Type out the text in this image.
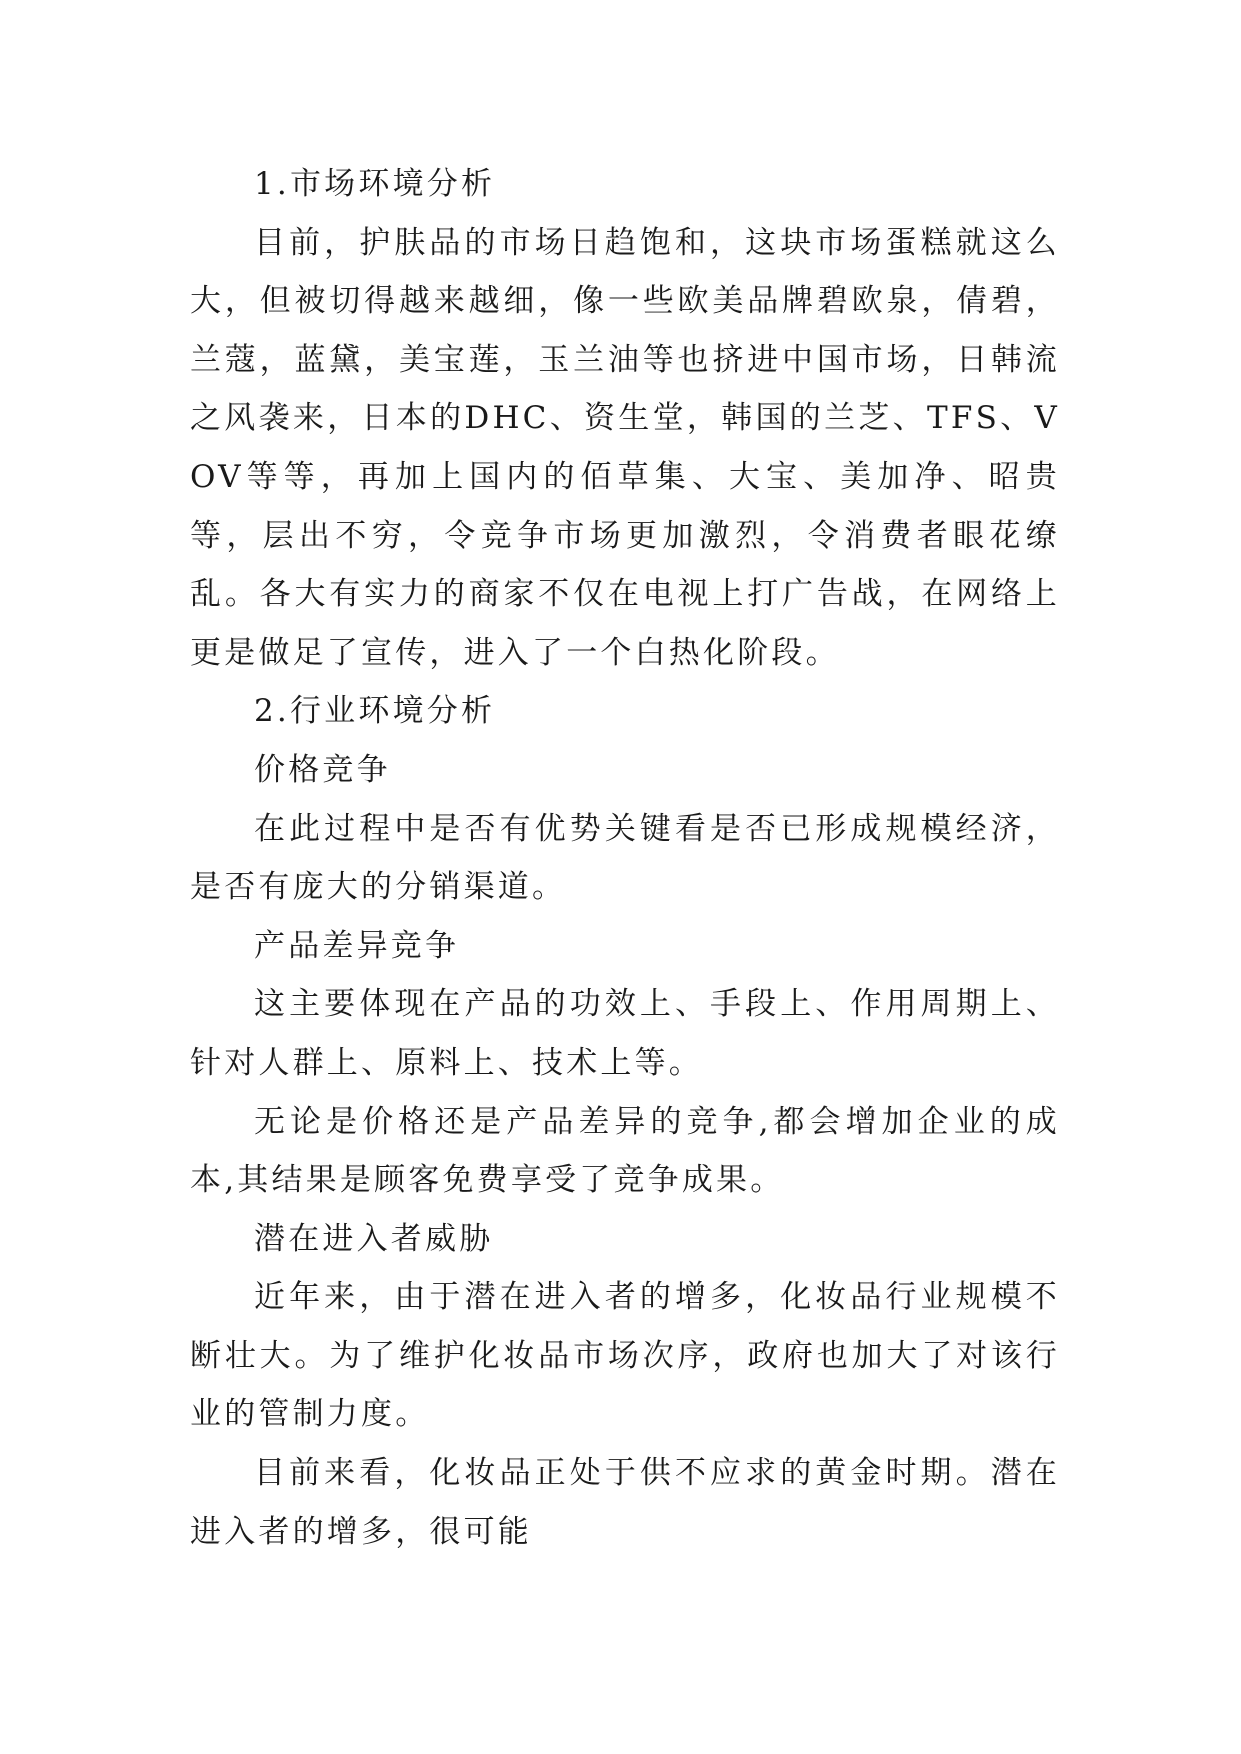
1.市场环境分析

目前，护肤品的市场日趋饱和，这块市场蛋糕就这么大，但被切得越来越细，像一些欧美品牌碧欧泉，倩碧，兰蔻，蓝黛，美宝莲，玉兰油等也挤进中国市场，日韩流之风袭来，日本的DHC、资生堂，韩国的兰芝、TFS、VOV等等，再加上国内的佰草集、大宝、美加净、昭贵等，层出不穷，令竞争市场更加激烈，令消费者眼花缭乱。各大有实力的商家不仅在电视上打广告战，在网络上更是做足了宣传，进入了一个白热化阶段。

2.行业环境分析

价格竞争

在此过程中是否有优势关键看是否已形成规模经济，是否有庞大的分销渠道。

产品差异竞争

这主要体现在产品的功效上、手段上、作用周期上、针对人群上、原料上、技术上等。

无论是价格还是产品差异的竞争,都会增加企业的成本,其结果是顾客免费享受了竞争成果。

潜在进入者威胁

近年来，由于潜在进入者的增多，化妆品行业规模不断壮大。为了维护化妆品市场次序，政府也加大了对该行业的管制力度。

目前来看，化妆品正处于供不应求的黄金时期。潜在进入者的增多，很可能
